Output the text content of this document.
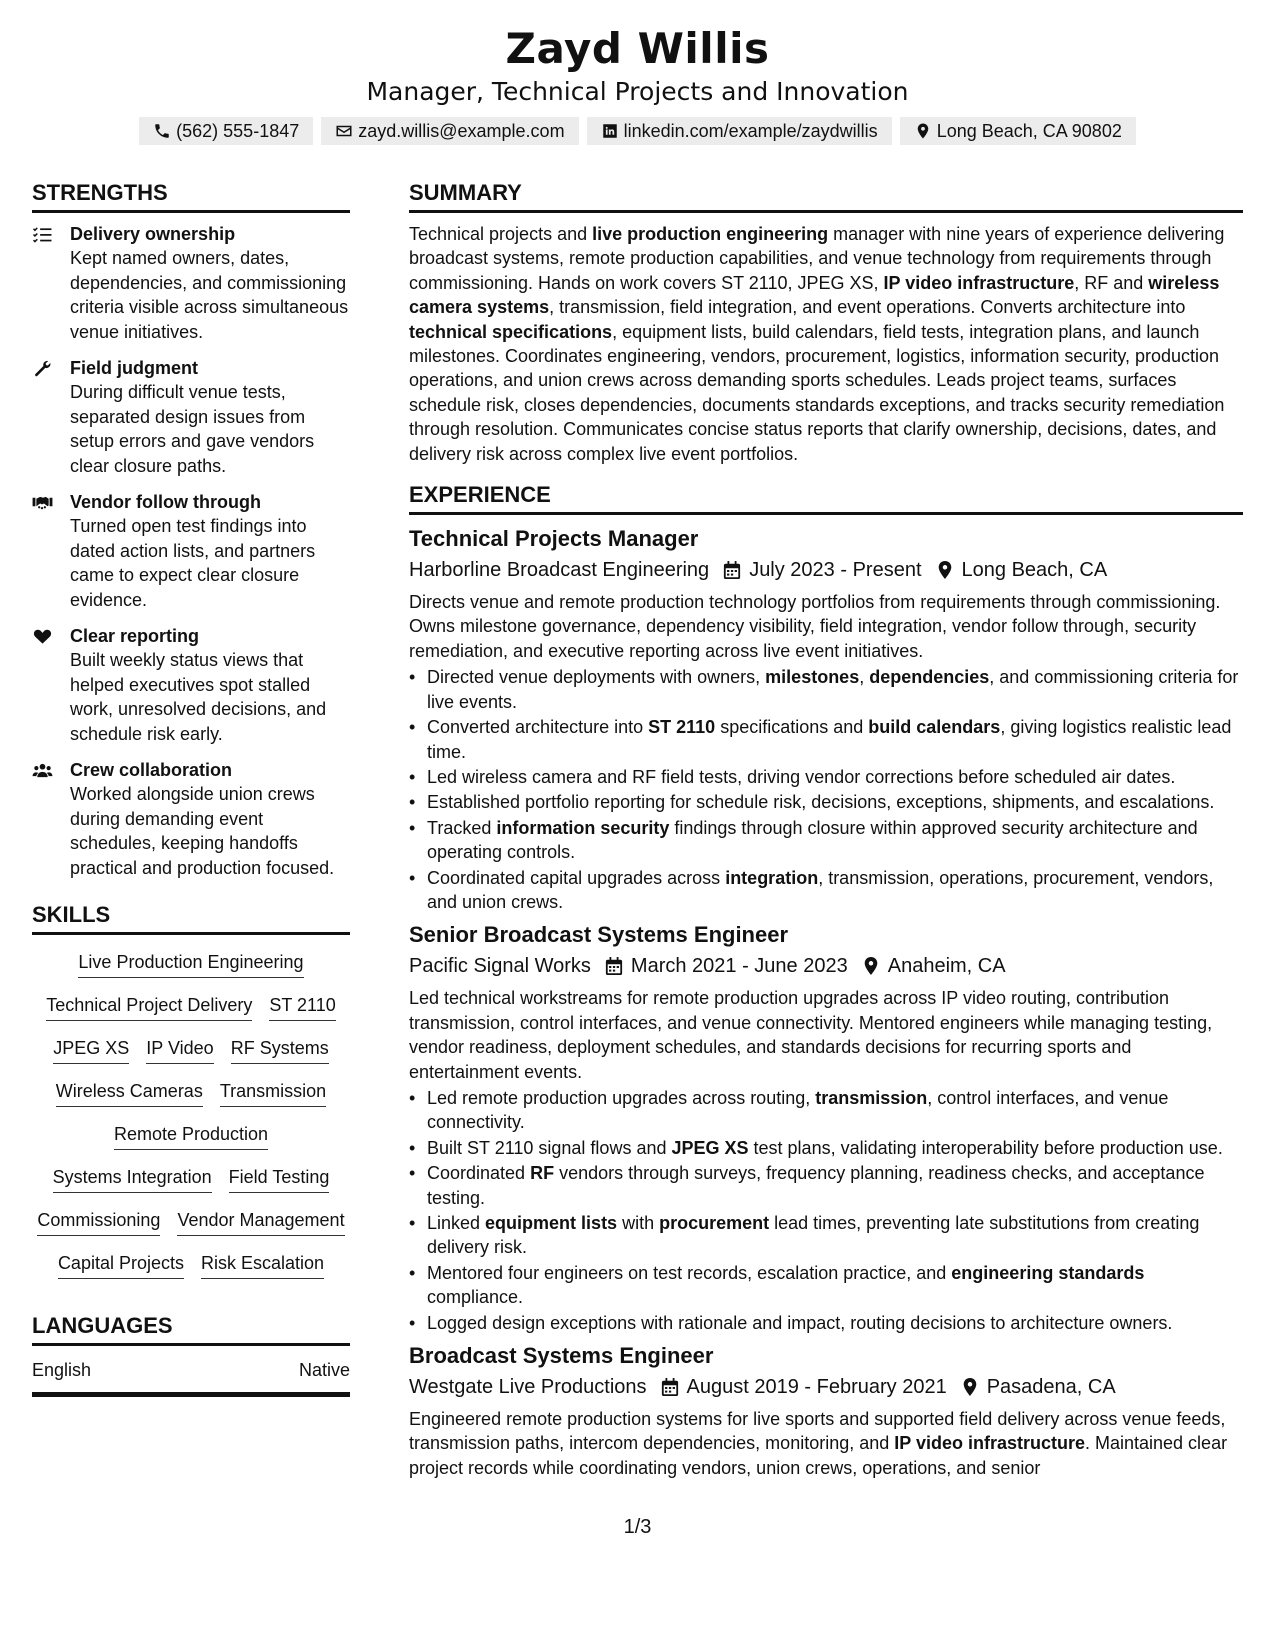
Zayd Willis
Manager, Technical Projects and Innovation
(562) 555-1847	zayd.willis@example.com	linkedin.com/example/zaydwillis	Long Beach, CA 90802
STRENGTHS
Delivery ownership
Kept named owners, dates, dependencies, and commissioning criteria visible across simultaneous venue initiatives.
Field judgment
During difficult venue tests, separated design issues from setup errors and gave vendors clear closure paths.
Vendor follow through
Turned open test findings into dated action lists, and partners came to expect clear closure evidence.
Clear reporting
Built weekly status views that helped executives spot stalled work, unresolved decisions, and schedule risk early.
Crew collaboration
Worked alongside union crews during demanding event schedules, keeping handoffs practical and production focused.
SKILLS
Live Production Engineering
Technical Project Delivery ST 2110
JPEG XS IP Video RF Systems
Wireless Cameras Transmission
Remote Production
Systems Integration Field Testing
Commissioning Vendor Management
Capital Projects Risk Escalation
LANGUAGES
English	Native
SUMMARY
Technical projects and live production engineering manager with nine years of experience delivering broadcast systems, remote production capabilities, and venue technology from requirements through commissioning. Hands on work covers ST 2110, JPEG XS, IP video infrastructure, RF and wireless camera systems, transmission, field integration, and event operations. Converts architecture into technical specifications, equipment lists, build calendars, field tests, integration plans, and launch milestones. Coordinates engineering, vendors, procurement, logistics, information security, production operations, and union crews across demanding sports schedules. Leads project teams, surfaces schedule risk, closes dependencies, documents standards exceptions, and tracks security remediation through resolution. Communicates concise status reports that clarify ownership, decisions, dates, and delivery risk across complex live event portfolios.
EXPERIENCE
Technical Projects Manager
Harborline Broadcast Engineering July 2023 - Present Long Beach, CA
Directs venue and remote production technology portfolios from requirements through commissioning. Owns milestone governance, dependency visibility, field integration, vendor follow through, security remediation, and executive reporting across live event initiatives.
• Directed venue deployments with owners, milestones, dependencies, and commissioning criteria for live events.
• Converted architecture into ST 2110 specifications and build calendars, giving logistics realistic lead time.
• Led wireless camera and RF field tests, driving vendor corrections before scheduled air dates.
• Established portfolio reporting for schedule risk, decisions, exceptions, shipments, and escalations.
• Tracked information security findings through closure within approved security architecture and operating controls.
• Coordinated capital upgrades across integration, transmission, operations, procurement, vendors, and union crews.
Senior Broadcast Systems Engineer
Pacific Signal Works March 2021 - June 2023 Anaheim, CA
Led technical workstreams for remote production upgrades across IP video routing, contribution transmission, control interfaces, and venue connectivity. Mentored engineers while managing testing, vendor readiness, deployment schedules, and standards decisions for recurring sports and entertainment events.
• Led remote production upgrades across routing, transmission, control interfaces, and venue connectivity.
• Built ST 2110 signal flows and JPEG XS test plans, validating interoperability before production use.
• Coordinated RF vendors through surveys, frequency planning, readiness checks, and acceptance testing.
• Linked equipment lists with procurement lead times, preventing late substitutions from creating delivery risk.
• Mentored four engineers on test records, escalation practice, and engineering standards compliance.
• Logged design exceptions with rationale and impact, routing decisions to architecture owners.
Broadcast Systems Engineer
Westgate Live Productions August 2019 - February 2021 Pasadena, CA
Engineered remote production systems for live sports and supported field delivery across venue feeds, transmission paths, intercom dependencies, monitoring, and IP video infrastructure. Maintained clear project records while coordinating vendors, union crews, operations, and senior
1/3
